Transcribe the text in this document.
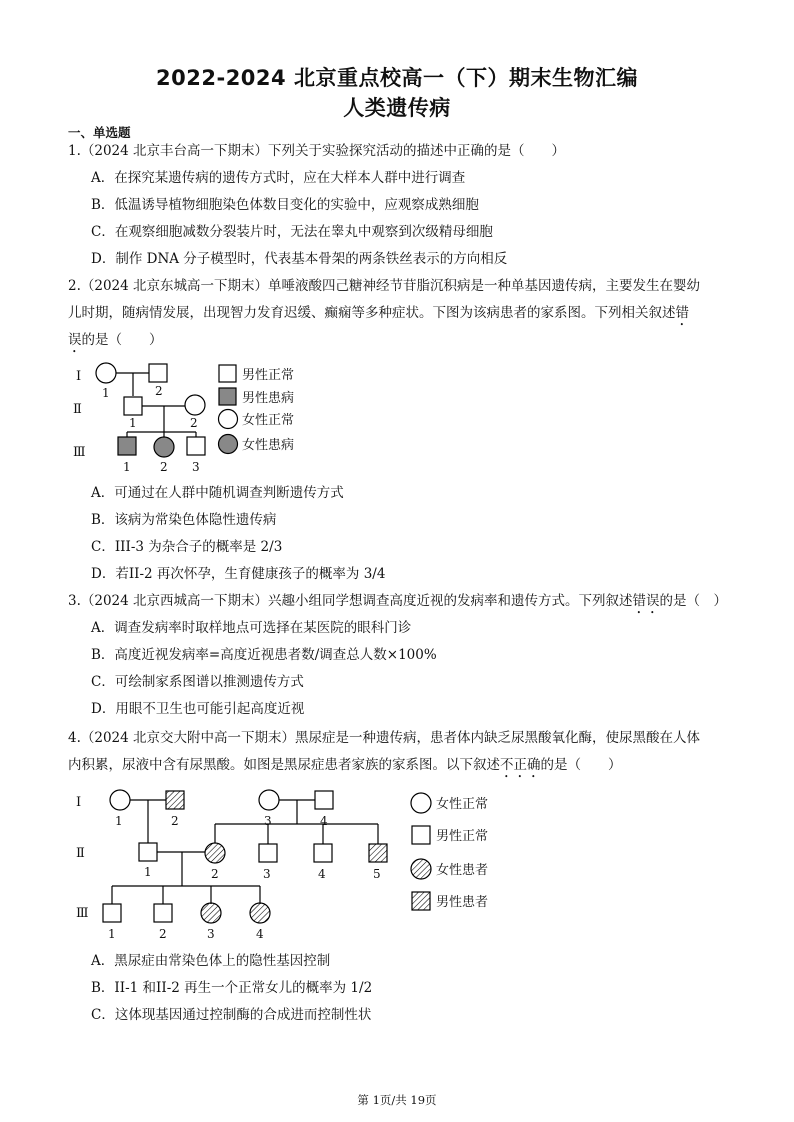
2022-2024 北京重点校高一（下）期末生物汇编
人类遗传病
一、单选题
1.（2024 北京丰台高一下期末）下列关于实验探究活动的描述中正确的是（　　）
A．在探究某遗传病的遗传方式时，应在大样本人群中进行调查
B．低温诱导植物细胞染色体数目变化的实验中，应观察成熟细胞
C．在观察细胞减数分裂装片时，无法在睾丸中观察到次级精母细胞
D．制作 DNA 分子模型时，代表基本骨架的两条铁丝表示的方向相反
2.（2024 北京东城高一下期末）单唾液酸四己糖神经节苷脂沉积病是一种单基因遗传病，主要发生在婴幼
儿时期，随病情发展，出现智力发育迟缓、癫痫等多种症状。下图为该病患者的家系图。下列相关叙述错
误的是（　　）
Ⅰ
Ⅱ
Ⅲ
1	2
1	2
1 2 3
男性正常
男性患病
女性正常
女性患病
A．可通过在人群中随机调查判断遗传方式
B．该病为常染色体隐性遗传病
C．III-3 为杂合子的概率是 2/3
D．若II-2 再次怀孕，生育健康孩子的概率为 3/4
3.（2024 北京西城高一下期末）兴趣小组同学想调查高度近视的发病率和遗传方式。下列叙述错误的是（　）
A．调查发病率时取样地点可选择在某医院的眼科门诊
B．高度近视发病率=高度近视患者数/调查总人数×100%
C．可绘制家系图谱以推测遗传方式
D．用眼不卫生也可能引起高度近视
4.（2024 北京交大附中高一下期末）黑尿症是一种遗传病，患者体内缺乏尿黑酸氧化酶，使尿黑酸在人体
内积累，尿液中含有尿黑酸。如图是黑尿症患者家族的家系图。以下叙述不正确的是（　　）
Ⅰ
Ⅱ
Ⅲ
1	2	3	4
1	2	3	4	5
1	2	3	4
女性正常
男性正常
女性患者
男性患者
A．黑尿症由常染色体上的隐性基因控制
B．II-1 和II-2 再生一个正常女儿的概率为 1/2
C．这体现基因通过控制酶的合成进而控制性状
第 1页/共 19页
